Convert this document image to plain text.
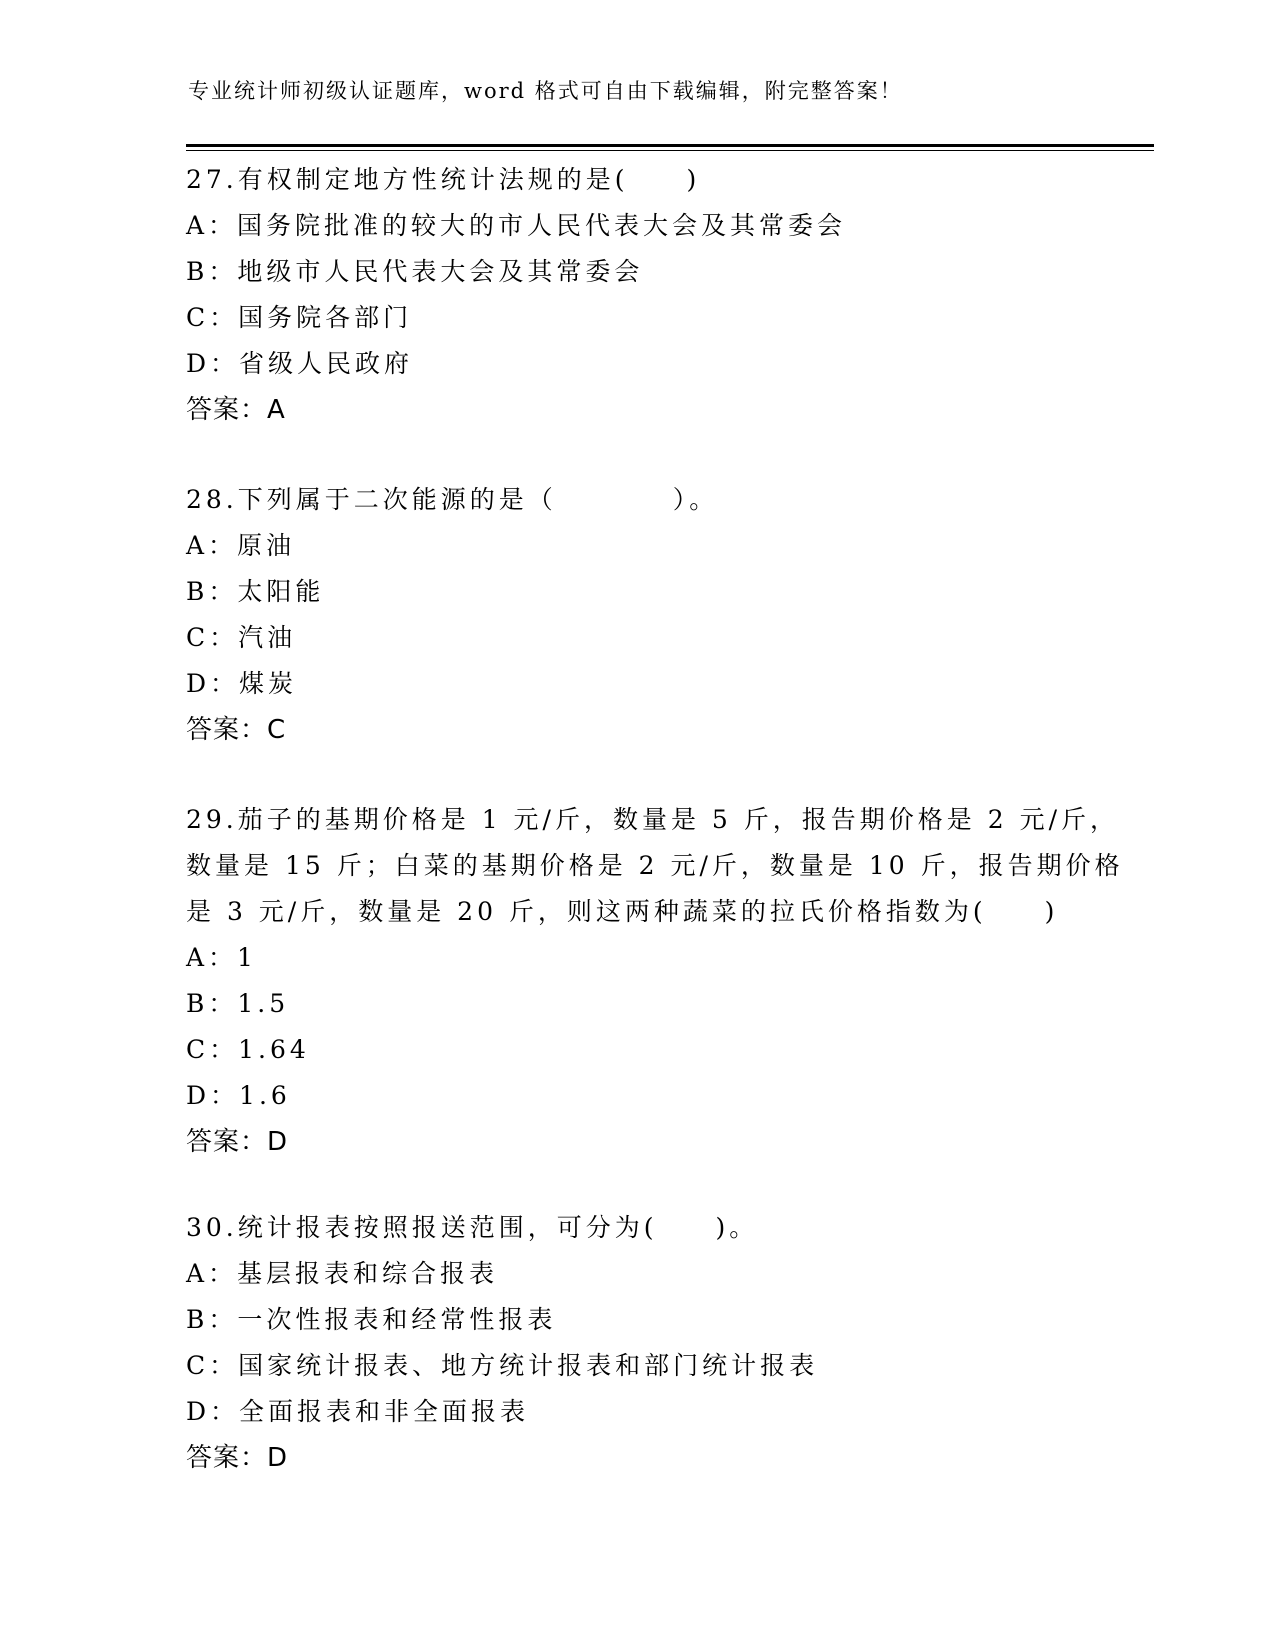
专业统计师初级认证题库，word 格式可自由下载编辑，附完整答案！
27.有权制定地方性统计法规的是(　　)
A：国务院批准的较大的市人民代表大会及其常委会
B：地级市人民代表大会及其常委会
C：国务院各部门
D：省级人民政府
答案：A
28.下列属于二次能源的是（　　　　）。
A：原油
B：太阳能
C：汽油
D：煤炭
答案：C
29.茄子的基期价格是 1 元/斤，数量是 5 斤，报告期价格是 2 元/斤，
数量是 15 斤；白菜的基期价格是 2 元/斤，数量是 10 斤，报告期价格
是 3 元/斤，数量是 20 斤，则这两种蔬菜的拉氏价格指数为(　　)
A：1
B：1.5
C：1.64
D：1.6
答案：D
30.统计报表按照报送范围，可分为(　　)。
A：基层报表和综合报表
B：一次性报表和经常性报表
C：国家统计报表、地方统计报表和部门统计报表
D：全面报表和非全面报表
答案：D
